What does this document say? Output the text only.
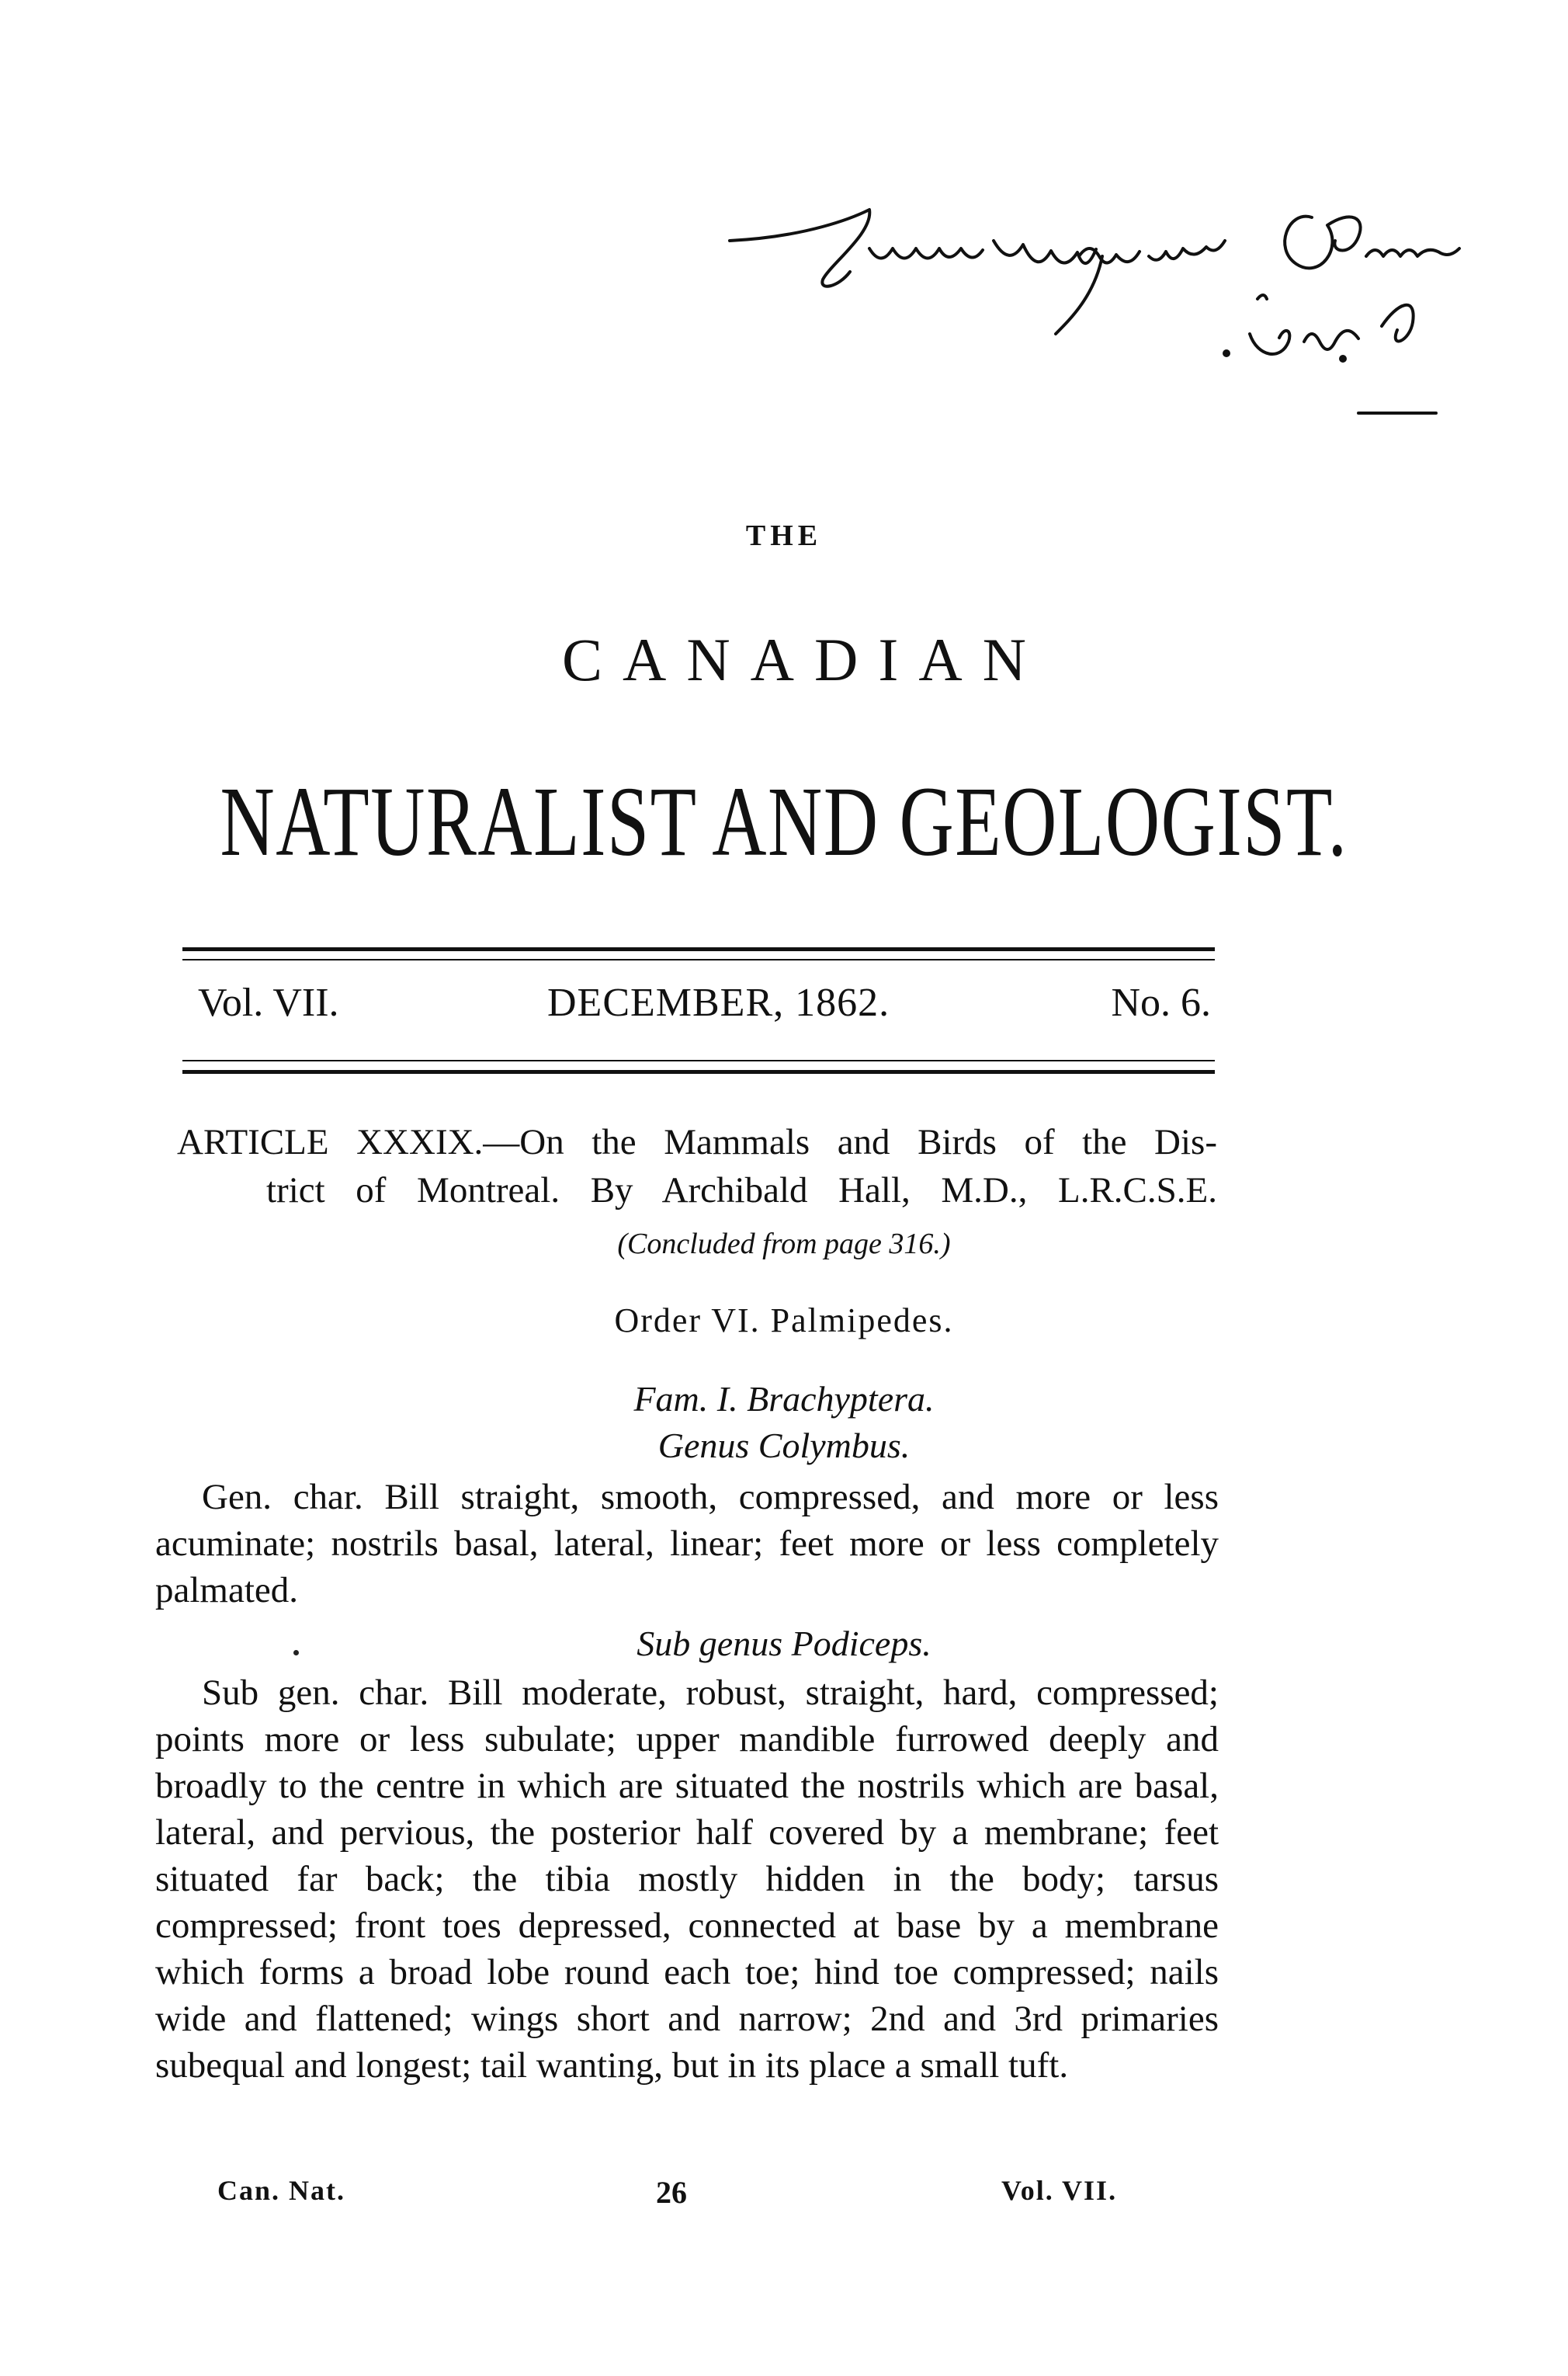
THE
CANADIAN
NATURALIST AND GEOLOGIST.
Vol. VII.	DECEMBER, 1862.	No. 6.
ARTICLE XXXIX.—On the Mammals and Birds of the Dis-
trict of Montreal. By Archibald Hall, M.D., L.R.C.S.E.
(Concluded from page 316.)
Order VI. Palmipedes.
Fam. I. Brachyptera.
Genus Colymbus.
Gen. char. Bill straight, smooth, compressed, and more or less acuminate; nostrils basal, lateral, linear; feet more or less completely palmated.
Sub genus Podiceps.
Sub gen. char. Bill moderate, robust, straight, hard, compressed; points more or less subulate; upper mandible furrowed deeply and broadly to the centre in which are situated the nostrils which are basal, lateral, and pervious, the posterior half covered by a membrane; feet situated far back; the tibia mostly hidden in the body; tarsus compressed; front toes depressed, connected at base by a membrane which forms a broad lobe round each toe; hind toe compressed; nails wide and flattened; wings short and narrow; 2nd and 3rd primaries subequal and longest; tail wanting, but in its place a small tuft.
Can. Nat.	26	Vol. VII.
